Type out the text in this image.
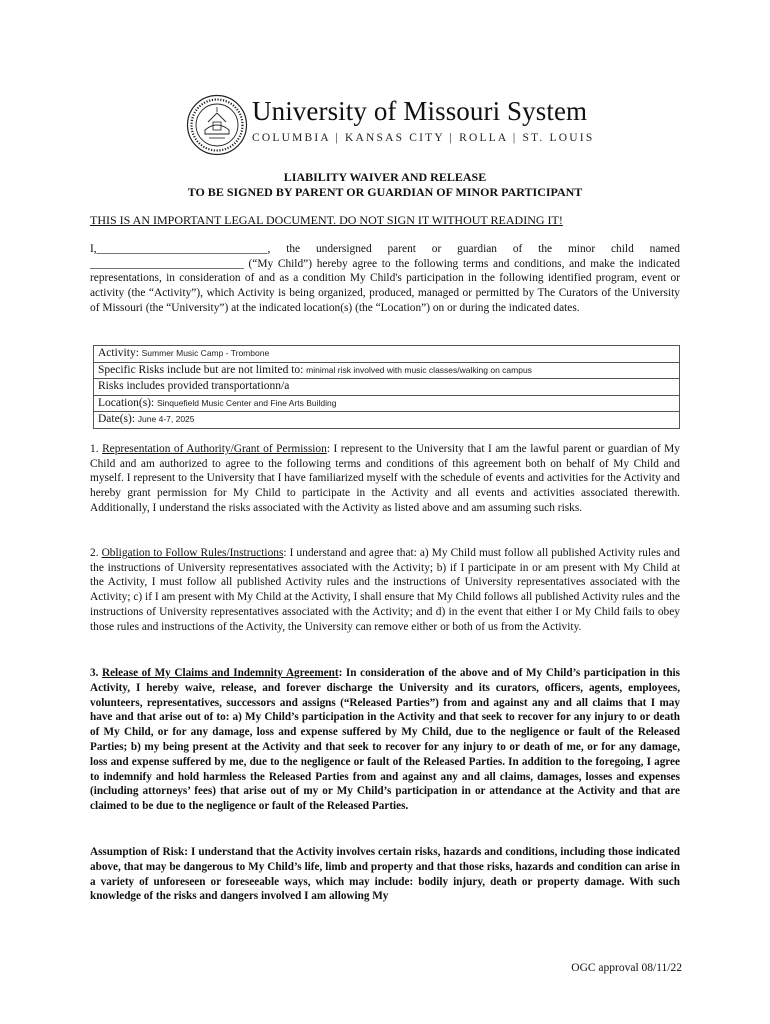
University of Missouri System
COLUMBIA | KANSAS CITY | ROLLA | ST. LOUIS
LIABILITY WAIVER AND RELEASE
TO BE SIGNED BY PARENT OR GUARDIAN OF MINOR PARTICIPANT
THIS IS AN IMPORTANT LEGAL DOCUMENT. DO NOT SIGN IT WITHOUT READING IT!
I,______________________________, the undersigned parent or guardian of the minor child named ___________________________ (“My Child”) hereby agree to the following terms and conditions, and make the indicated representations, in consideration of and as a condition My Child's participation in the following identified program, event or activity (the “Activity”), which Activity is being organized, produced, managed or permitted by The Curators of the University of Missouri (the “University”) at the indicated location(s) (the “Location”) on or during the indicated dates.
Activity: Summer Music Camp - Trombone
Specific Risks include but are not limited to: minimal risk involved with music classes/walking on campus
Risks includes provided transportationn/a
Location(s): Sinquefield Music Center and Fine Arts Building
Date(s): June 4-7, 2025
1. Representation of Authority/Grant of Permission: I represent to the University that I am the lawful parent or guardian of My Child and am authorized to agree to the following terms and conditions of this agreement both on behalf of My Child and myself. I represent to the University that I have familiarized myself with the schedule of events and activities for the Activity and hereby grant permission for My Child to participate in the Activity and all events and activities associated therewith. Additionally, I understand the risks associated with the Activity as listed above and am assuming such risks.
2. Obligation to Follow Rules/Instructions: I understand and agree that: a) My Child must follow all published Activity rules and the instructions of University representatives associated with the Activity; b) if I participate in or am present with My Child at the Activity, I must follow all published Activity rules and the instructions of University representatives associated with the Activity; c) if I am present with My Child at the Activity, I shall ensure that My Child follows all published Activity rules and the instructions of University representatives associated with the Activity; and d) in the event that either I or My Child fails to obey those rules and instructions of the Activity, the University can remove either or both of us from the Activity.
3. Release of My Claims and Indemnity Agreement: In consideration of the above and of My Child’s participation in this Activity, I hereby waive, release, and forever discharge the University and its curators, officers, agents, employees, volunteers, representatives, successors and assigns (“Released Parties”) from and against any and all claims that I may have and that arise out of to: a) My Child’s participation in the Activity and that seek to recover for any injury to or death of My Child, or for any damage, loss and expense suffered by My Child, due to the negligence or fault of the Released Parties; b) my being present at the Activity and that seek to recover for any injury to or death of me, or for any damage, loss and expense suffered by me, due to the negligence or fault of the Released Parties. In addition to the foregoing, I agree to indemnify and hold harmless the Released Parties from and against any and all claims, damages, losses and expenses (including attorneys’ fees) that arise out of my or My Child’s participation in or attendance at the Activity and that are claimed to be due to the negligence or fault of the Released Parties.
Assumption of Risk: I understand that the Activity involves certain risks, hazards and conditions, including those indicated above, that may be dangerous to My Child’s life, limb and property and that those risks, hazards and condition can arise in a variety of unforeseen or foreseeable ways, which may include: bodily injury, death or property damage. With such knowledge of the risks and dangers involved I am allowing My
OGC approval 08/11/22
